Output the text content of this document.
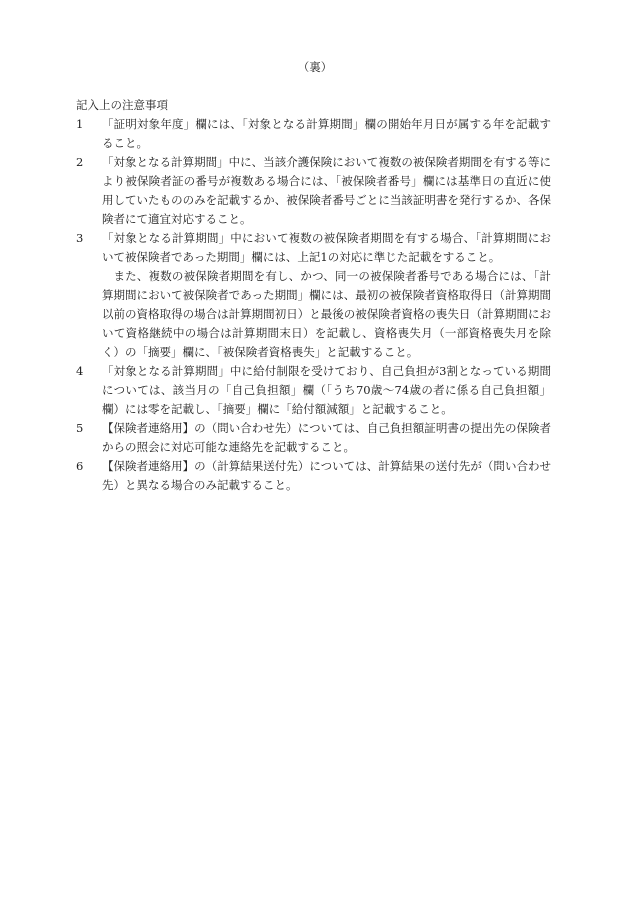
（裏）

記入上の注意事項

1	「証明対象年度」欄には、「対象となる計算期間」欄の開始年月日が属する年を記載すること。
2	「対象となる計算期間」中に、当該介護保険において複数の被保険者期間を有する等により被保険者証の番号が複数ある場合には、「被保険者番号」欄には基準日の直近に使用していたもののみを記載するか、被保険者番号ごとに当該証明書を発行するか、各保険者にて適宜対応すること。
3	「対象となる計算期間」中において複数の被保険者期間を有する場合、「計算期間において被保険者であった期間」欄には、上記1の対応に準じた記載をすること。

また、複数の被保険者期間を有し、かつ、同一の被保険者番号である場合には、「計算期間において被保険者であった期間」欄には、最初の被保険者資格取得日（計算期間以前の資格取得の場合は計算期間初日）と最後の被保険者資格の喪失日（計算期間において資格継続中の場合は計算期間末日）を記載し、資格喪失月（一部資格喪失月を除く）の「摘要」欄に、「被保険者資格喪失」と記載すること。

4	「対象となる計算期間」中に給付制限を受けており、自己負担が3割となっている期間については、該当月の「自己負担額」欄（「うち70歳～74歳の者に係る自己負担額」欄）には零を記載し、「摘要」欄に「給付額減額」と記載すること。
5	【保険者連絡用】の（問い合わせ先）については、自己負担額証明書の提出先の保険者からの照会に対応可能な連絡先を記載すること。
6	【保険者連絡用】の（計算結果送付先）については、計算結果の送付先が（問い合わせ先）と異なる場合のみ記載すること。
